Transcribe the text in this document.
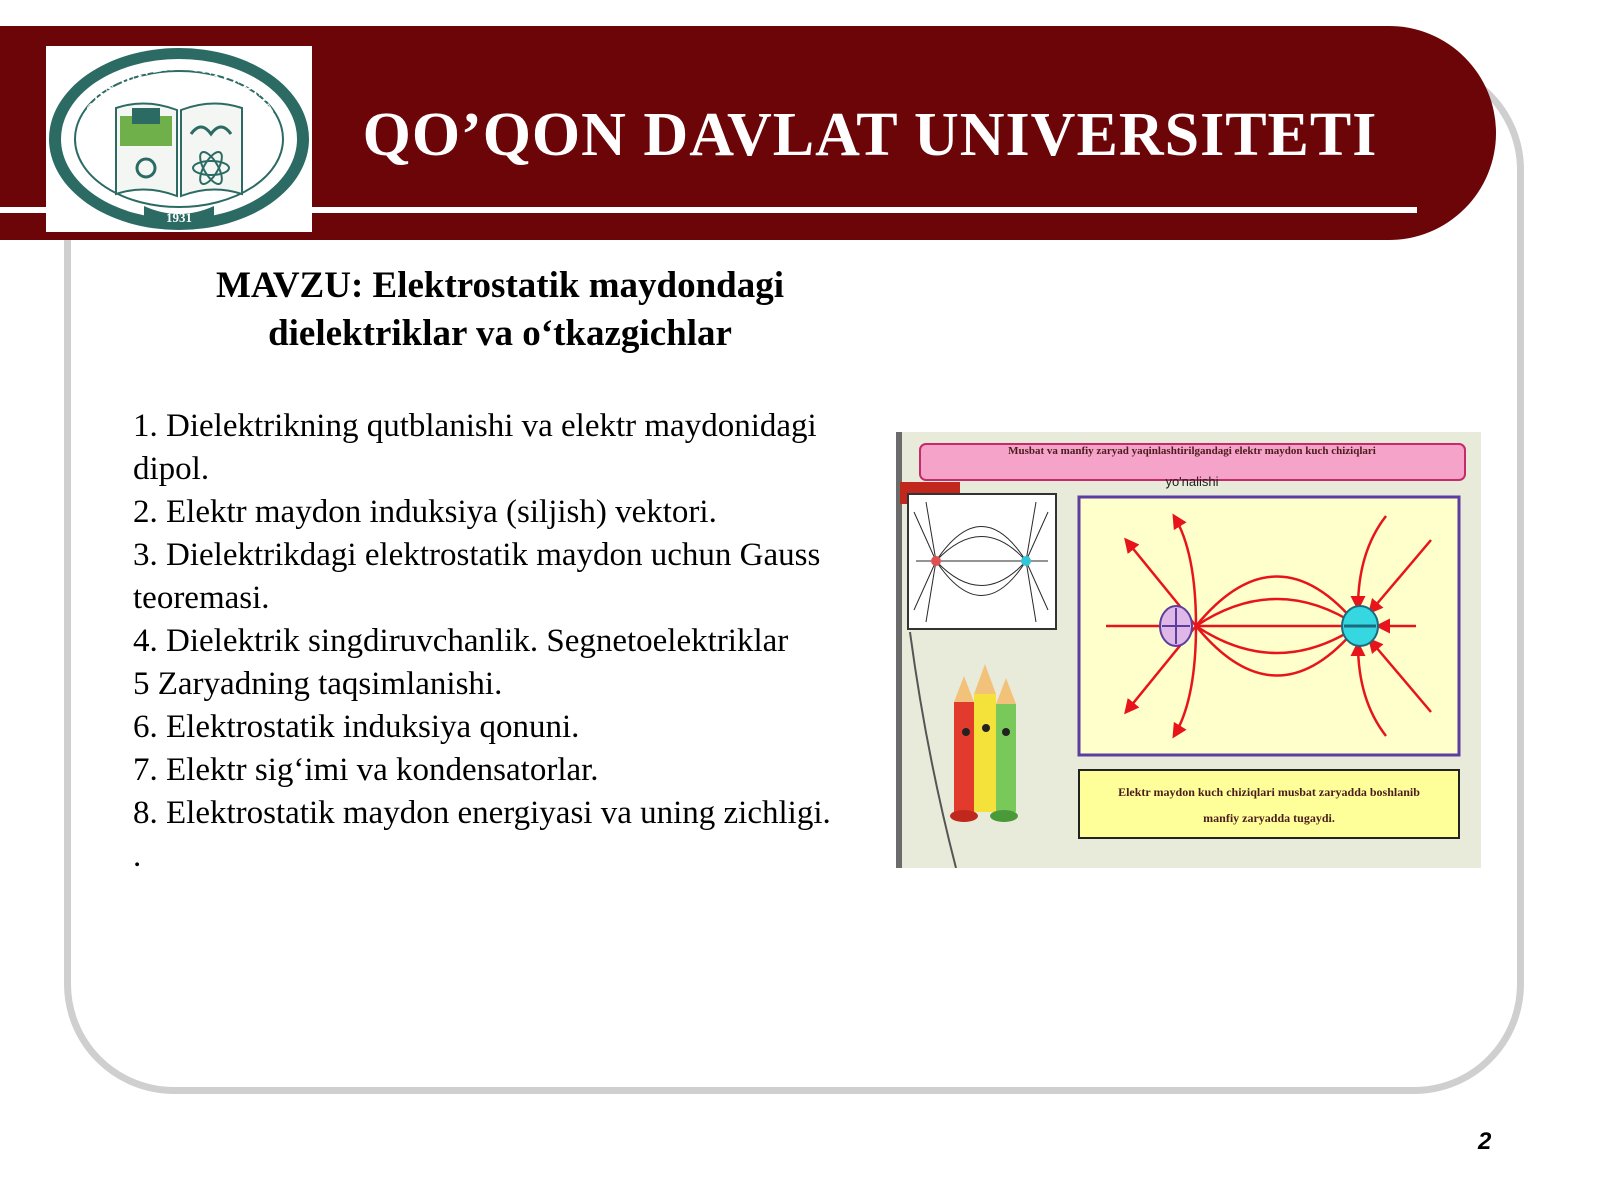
QO'QON DAVLAT UNIVERSITETI
1931
QO’QON DAVLAT UNIVERSITETI
MAVZU: Elektrostatik maydondagi
dielektriklar va o‘tkazgichlar
1. Dielektrikning qutblanishi va elektr maydonidagi dipol.
2. Elektr maydon induksiya (siljish) vektori.
3. Dielektrikdagi elektrostatik maydon uchun Gauss teoremasi.
4. Dielektrik singdiruvchanlik. Segnetoelektriklar
5 Zaryadning taqsimlanishi.
6. Elektrostatik induksiya qonuni.
7. Elektr sig‘imi va kondensatorlar.
8. Elektrostatik maydon energiyasi va uning zichligi.
.
Musbat va manfiy zaryad yaqinlashtirilgandagi elektr maydon kuch chiziqlari
yo'nalishi
Elektr maydon kuch chiziqlari musbat zaryadda boshlanib
manfiy zaryadda tugaydi.
2
